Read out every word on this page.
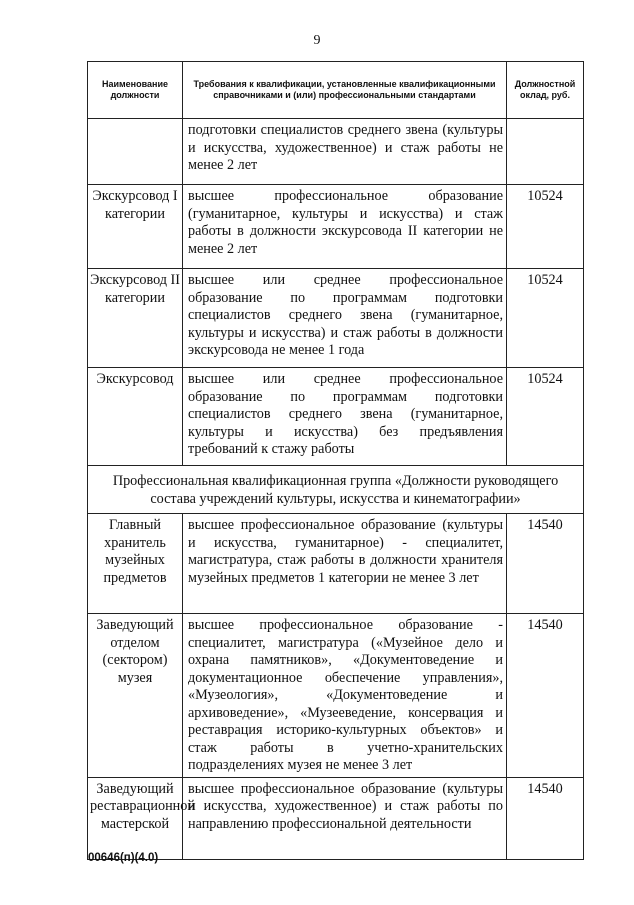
9
Наименование должности	Требования к квалификации, установленные квалификационными справочниками и (или) профессиональными стандартами	Должностной оклад, руб.
	подготовки специалистов среднего звена (культуры и искусства, художественное) и стаж работы не менее 2 лет	
Экскурсовод I категории	высшее профессиональное образование (гуманитарное, культуры и искусства) и стаж работы в должности экскурсовода II категории не менее 2 лет	10524
Экскурсовод II категории	высшее или среднее профессиональное образование по программам подготовки специалистов среднего звена (гуманитарное, культуры и искусства) и стаж работы в должности экскурсовода не менее 1 года	10524
Экскурсовод	высшее или среднее профессиональное образование по программам подготовки специалистов среднего звена (гуманитарное, культуры и искусства) без предъявления требований к стажу работы	10524
Профессиональная квалификационная группа «Должности руководящего состава учреждений культуры, искусства и кинематографии»		
Главный хранитель музейных предметов	высшее профессиональное образование (культуры и искусства, гуманитарное) - специалитет, магистратура, стаж работы в должности хранителя музейных предметов 1 категории не менее 3 лет	14540
Заведующий отделом (сектором) музея	высшее профессиональное образование - специалитет, магистратура («Музейное дело и охрана памятников», «Документоведение и документационное обеспечение управления», «Музеология», «Документоведение и архивоведение», «Музееведение, консервация и реставрация историко-культурных объектов» и стаж работы в учетно-хранительских подразделениях музея не менее 3 лет	14540
Заведующий реставрационной мастерской	высшее профессиональное образование (культуры и искусства, художественное) и стаж работы по направлению профессиональной деятельности	14540
00646(п)(4.0)
